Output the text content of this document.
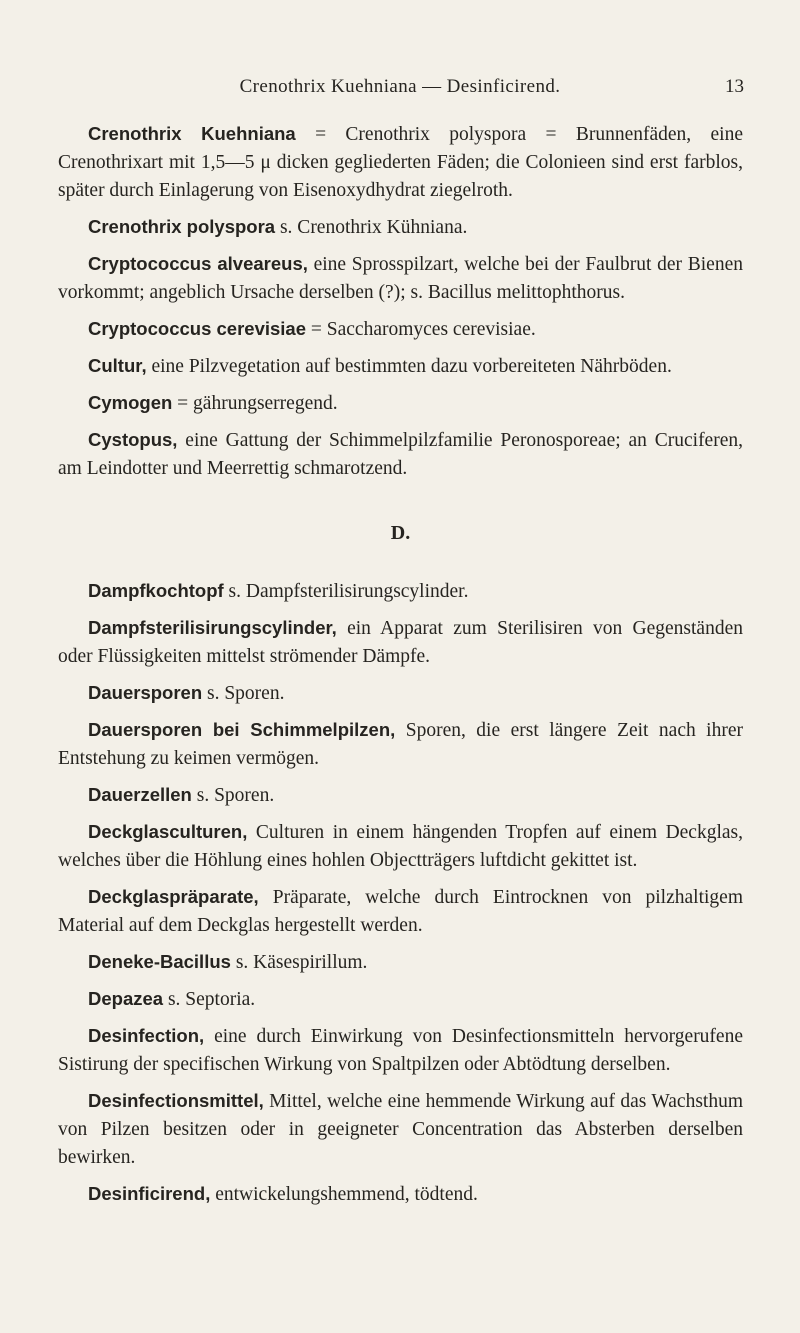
Crenothrix Kuehniana — Desinficirend.	13

Crenothrix Kuehniana = Crenothrix polyspora = Brunnenfäden, eine Crenothrixart mit 1,5—5 μ dicken gegliederten Fäden; die Colonieen sind erst farblos, später durch Einlagerung von Eisenoxydhydrat ziegelroth.

Crenothrix polyspora s. Crenothrix Kühniana.

Cryptococcus alveareus, eine Sprosspilzart, welche bei der Faulbrut der Bienen vorkommt; angeblich Ursache derselben (?); s. Bacillus melittophthorus.

Cryptococcus cerevisiae = Saccharomyces cerevisiae.

Cultur, eine Pilzvegetation auf bestimmten dazu vorbereiteten Nährböden.

Cymogen = gährungserregend.

Cystopus, eine Gattung der Schimmelpilzfamilie Peronosporeae; an Cruciferen, am Leindotter und Meerrettig schmarotzend.

D.

Dampfkochtopf s. Dampfsterilisirungscylinder.

Dampfsterilisirungscylinder, ein Apparat zum Sterilisiren von Gegenständen oder Flüssigkeiten mittelst strömender Dämpfe.

Dauersporen s. Sporen.

Dauersporen bei Schimmelpilzen, Sporen, die erst längere Zeit nach ihrer Entstehung zu keimen vermögen.

Dauerzellen s. Sporen.

Deckglasculturen, Culturen in einem hängenden Tropfen auf einem Deckglas, welches über die Höhlung eines hohlen Objectträgers luftdicht gekittet ist.

Deckglaspräparate, Präparate, welche durch Eintrocknen von pilzhaltigem Material auf dem Deckglas hergestellt werden.

Deneke-Bacillus s. Käsespirillum.

Depazea s. Septoria.

Desinfection, eine durch Einwirkung von Desinfectionsmitteln hervorgerufene Sistirung der specifischen Wirkung von Spaltpilzen oder Abtödtung derselben.

Desinfectionsmittel, Mittel, welche eine hemmende Wirkung auf das Wachsthum von Pilzen besitzen oder in geeigneter Concentration das Absterben derselben bewirken.

Desinficirend, entwickelungshemmend, tödtend.
